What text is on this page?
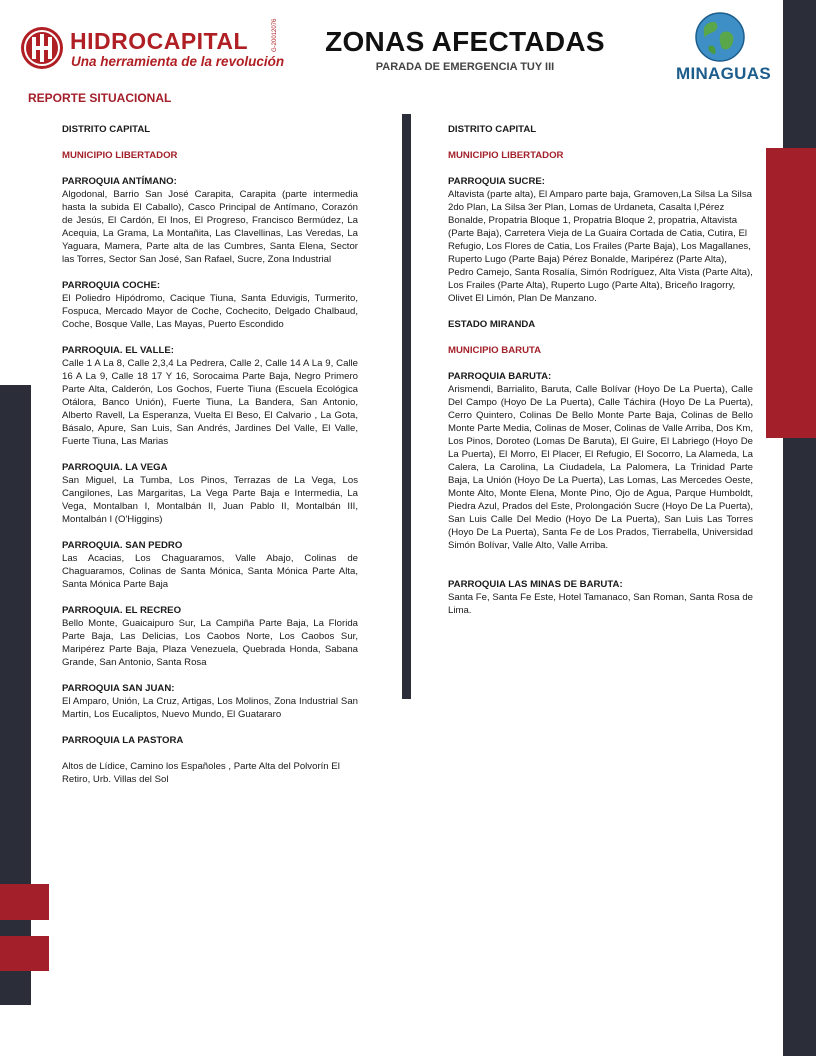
HIDROCAPITAL
Una herramienta de la revolución
G-20012076	ZONAS AFECTADAS
PARADA DE EMERGENCIA TUY III	MINAGUAS
REPORTE SITUACIONAL
DISTRITO CAPITAL
MUNICIPIO LIBERTADOR
PARROQUIA ANTÍMANO:
Algodonal, Barrio San José Carapita, Carapita (parte intermedia hasta la subida El Caballo), Casco Principal de Antímano, Corazón de Jesús, El Cardón, El Inos, El Progreso, Francisco Bermúdez, La Acequia, La Grama, La Montañita, Las Clavellinas, Las Veredas, La Yaguara, Mamera, Parte alta de las Cumbres, Santa Elena, Sector las Torres, Sector San José, San Rafael, Sucre, Zona Industrial
PARROQUIA COCHE:
El Poliedro Hipódromo, Cacique Tiuna, Santa Eduvigis, Turmerito, Fospuca, Mercado Mayor de Coche, Cochecito, Delgado Chalbaud, Coche, Bosque Valle, Las Mayas, Puerto Escondido
PARROQUIA. EL VALLE:
Calle 1 A La 8, Calle 2,3,4 La Pedrera, Calle 2, Calle 14 A La 9, Calle 16 A La 9, Calle 18 17 Y 16, Sorocaima Parte Baja, Negro Primero Parte Alta, Calderón, Los Gochos, Fuerte Tiuna (Escuela Ecológica Otálora, Banco Unión), Fuerte Tiuna, La Bandera, San Antonio, Alberto Ravell, La Esperanza, Vuelta El Beso, El Calvario , La Gota, Básalo, Apure, San Luis, San Andrés, Jardines Del Valle, El Valle, Fuerte Tiuna, Las Marias
PARROQUIA. LA VEGA
San Miguel, La Tumba, Los Pinos, Terrazas de La Vega, Los Cangilones, Las Margaritas, La Vega Parte Baja e Intermedia, La Vega, Montalban I, Montalbán II, Juan Pablo II, Montalbán III, Montalbán I (O'Higgins)
PARROQUIA. SAN PEDRO
Las Acacias, Los Chaguaramos, Valle Abajo, Colinas de Chaguaramos, Colinas de Santa Mónica, Santa Mónica Parte Alta, Santa Mónica Parte Baja
PARROQUIA. EL RECREO
Bello Monte, Guaicaipuro Sur, La Campiña Parte Baja, La Florida Parte Baja, Las Delicias, Los Caobos Norte, Los Caobos Sur, Maripérez Parte Baja, Plaza Venezuela, Quebrada Honda, Sabana Grande, San Antonio, Santa Rosa
PARROQUIA SAN JUAN:
El Amparo, Unión, La Cruz, Artigas, Los Molinos, Zona Industrial San Martin, Los Eucaliptos, Nuevo Mundo, El Guatararo
PARROQUIA LA PASTORA
Altos de Lídice, Camino los Españoles , Parte Alta del Polvorín El Retiro, Urb. Villas del Sol
DISTRITO CAPITAL
MUNICIPIO LIBERTADOR
PARROQUIA SUCRE:
Altavista (parte alta), El Amparo parte baja, Gramoven,La Silsa La Silsa 2do Plan, La Silsa 3er Plan, Lomas de Urdaneta, Casalta I,Pérez Bonalde, Propatria Bloque 1, Propatria Bloque 2, propatria, Altavista (Parte Baja), Carretera Vieja de La Guaira Cortada de Catia, Cutira, El Refugio, Los Flores de Catia, Los Frailes (Parte Baja), Los Magallanes, Ruperto Lugo (Parte Baja) Pérez Bonalde, Maripérez (Parte Alta), Pedro Camejo, Santa Rosalía, Simón Rodríguez, Alta Vista (Parte Alta), Los Frailes (Parte Alta), Ruperto Lugo (Parte Alta), Briceño Iragorry, Olivet El Limón, Plan De Manzano.
ESTADO MIRANDA
MUNICIPIO BARUTA
PARROQUIA BARUTA:
Arismendi, Barrialito, Baruta, Calle Bolívar (Hoyo De La Puerta), Calle Del Campo (Hoyo De La Puerta), Calle Táchira (Hoyo De La Puerta), Cerro Quintero, Colinas De Bello Monte Parte Baja, Colinas de Bello Monte Parte Media, Colinas de Moser, Colinas de Valle Arriba, Dos Km, Los Pinos, Doroteo (Lomas De Baruta), El Guire, El Labriego (Hoyo De La Puerta), El Morro, El Placer, El Refugio, El Socorro, La Alameda, La Calera, La Carolina, La Ciudadela, La Palomera, La Trinidad Parte Baja, La Unión (Hoyo De La Puerta), Las Lomas, Las Mercedes Oeste, Monte Alto, Monte Elena, Monte Pino, Ojo de Agua, Parque Humboldt, Piedra Azul, Prados del Este, Prolongación Sucre (Hoyo De La Puerta), San Luis Calle Del Medio (Hoyo De La Puerta), San Luis Las Torres (Hoyo De La Puerta), Santa Fe de Los Prados, Tierrabella, Universidad Simón Bolívar, Valle Alto, Valle Arriba.
PARROQUIA LAS MINAS DE BARUTA:
Santa Fe, Santa Fe Este, Hotel Tamanaco, San Roman, Santa Rosa de Lima.
